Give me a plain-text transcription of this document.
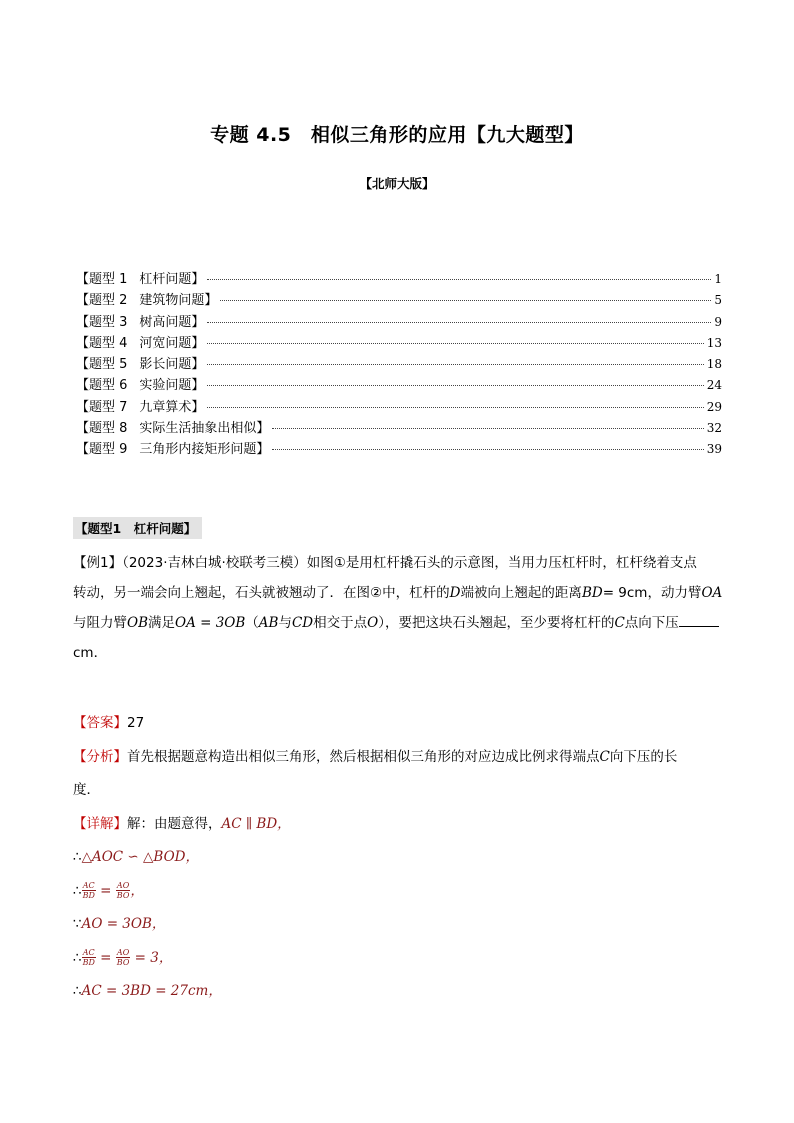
专题 4.5　相似三角形的应用【九大题型】
【北师大版】
【题型 1 杠杆问题】	1
【题型 2 建筑物问题】	5
【题型 3 树高问题】	9
【题型 4 河宽问题】	13
【题型 5 影长问题】	18
【题型 6 实验问题】	24
【题型 7 九章算术】	29
【题型 8 实际生活抽象出相似】	32
【题型 9 三角形内接矩形问题】	39
【题型1　杠杆问题】

【例1】（2023·吉林白城·校联考三模）如图①是用杠杆撬石头的示意图，当用力压杠杆时，杠杆绕着支点

转动，另一端会向上翘起，石头就被翘动了．在图②中，杠杆的D端被向上翘起的距离BD= 9cm，动力臂OA

与阻力臂OB满足OA = 3OB（AB与CD相交于点O），要把这块石头翘起，至少要将杠杆的C点向下压

cm．

【答案】27

【分析】首先根据题意构造出相似三角形，然后根据相似三角形的对应边成比例求得端点C向下压的长

度．

【详解】解：由题意得，AC ∥ BD，

∴△AOC ∽ △BOD，

∴ $\frac{AC}{BD} = \frac{AO}{BO}$ ，

∵AO = 3OB，

∴ $\frac{AC}{BD} = \frac{AO}{BO} = 3$，

∴AC = 3BD = 27cm，
